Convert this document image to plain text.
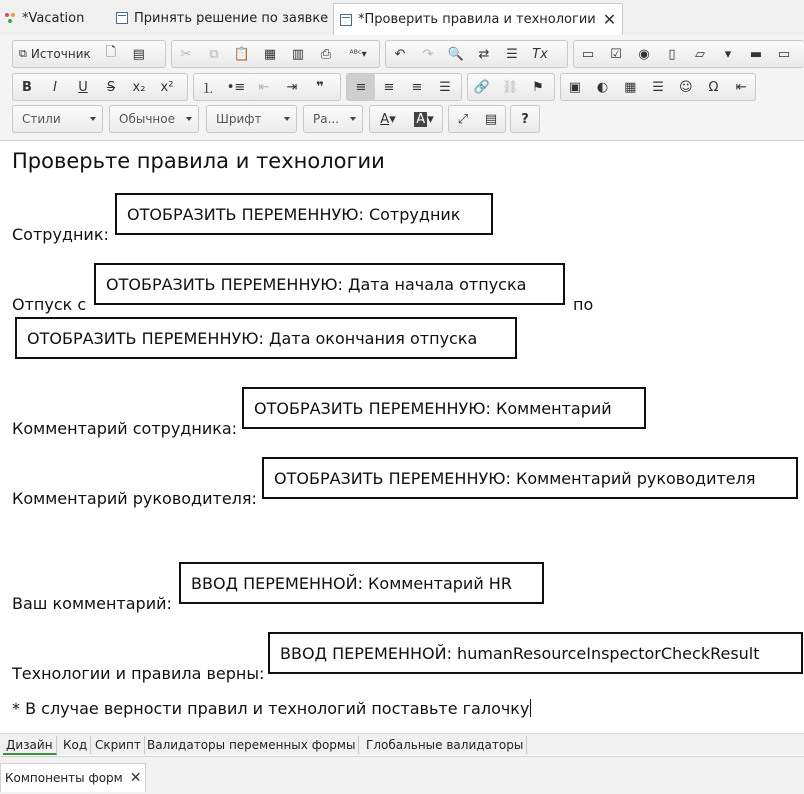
*Vacation	Принять решение по заявке *Проверить правила и технологии ✕
⧉ Источник	🗋	▤	✂	⧉	📋	▦	▥	⎙	ᴬᴮᶜ▾	↶	↷	🔍	⇄	☰	Tx	▭	☑	◉	▯	▱	▾	▬	▭
B	I	U	S	x₂	x²	⒈ •≡	⇤	⇥	❞	≡	≡	≡	☰	🔗 ⛓	⚑	▣	◐	▦	☰	☺	Ω	⇤
Стили	Обычное	Шрифт	Ра...	A ▾	A ▾	⤢	▤	?
Проверьте правила и технологии
Сотрудник:
ОТОБРАЗИТЬ ПЕРЕМЕННУЮ: Сотрудник
Отпуск с
ОТОБРАЗИТЬ ПЕРЕМЕННУЮ: Дата начала отпуска
по
ОТОБРАЗИТЬ ПЕРЕМЕННУЮ: Дата окончания отпуска
Комментарий сотрудника:
ОТОБРАЗИТЬ ПЕРЕМЕННУЮ: Комментарий
Комментарий руководителя:
ОТОБРАЗИТЬ ПЕРЕМЕННУЮ: Комментарий руководителя
Ваш комментарий:
ВВОД ПЕРЕМЕННОЙ: Комментарий HR
Технологии и правила верны:
ВВОД ПЕРЕМЕННОЙ: humanResourceInspectorCheckResult
* В случае верности правил и технологий поставьте галочку
Дизайн Код Скрипт Валидаторы переменных формы Глобальные валидаторы
Компоненты форм ✕
